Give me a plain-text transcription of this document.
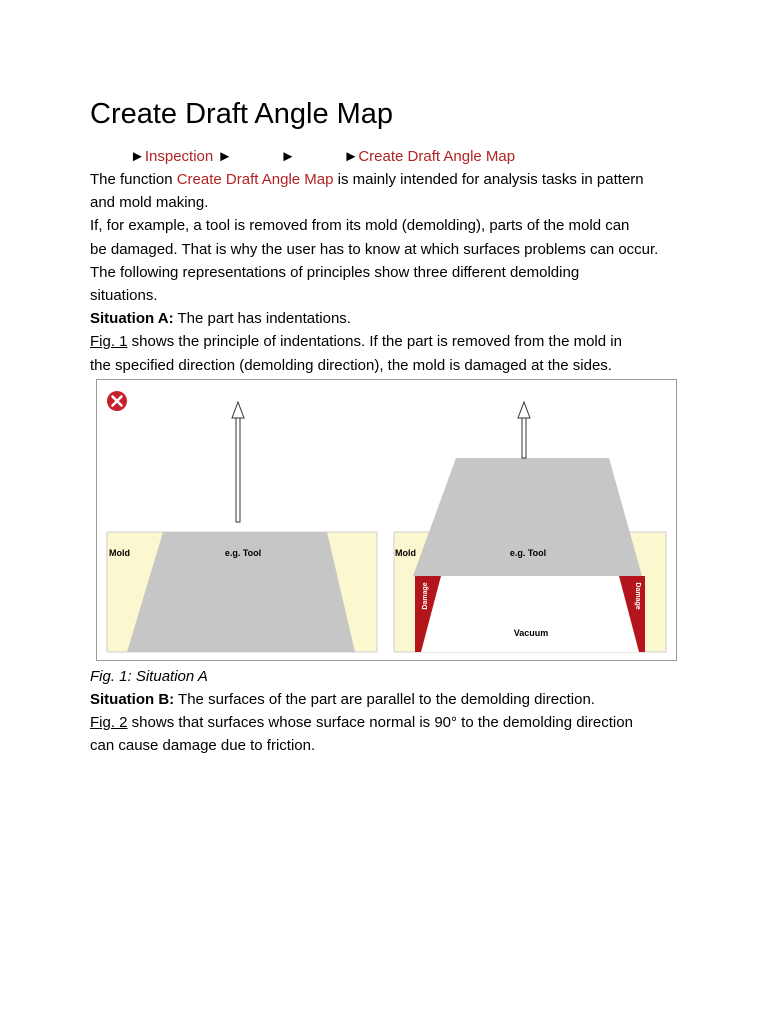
Create Draft Angle Map
►Inspection ►	►	►Create Draft Angle Map
The function Create Draft Angle Map is mainly intended for analysis tasks in pattern
and mold making.
If, for example, a tool is removed from its mold (demolding), parts of the mold can
be damaged. That is why the user has to know at which surfaces problems can occur.
The following representations of principles show three different demolding
situations.
Situation A: The part has indentations.
Fig. 1 shows the principle of indentations. If the part is removed from the mold in
the specified direction (demolding direction), the mold is damaged at the sides.
Mold	e.g. Tool	Mold	e.g. Tool
Vacuum
Damage	Damage
Fig. 1: Situation A
Situation B: The surfaces of the part are parallel to the demolding direction.
Fig. 2 shows that surfaces whose surface normal is 90° to the demolding direction
can cause damage due to friction.
